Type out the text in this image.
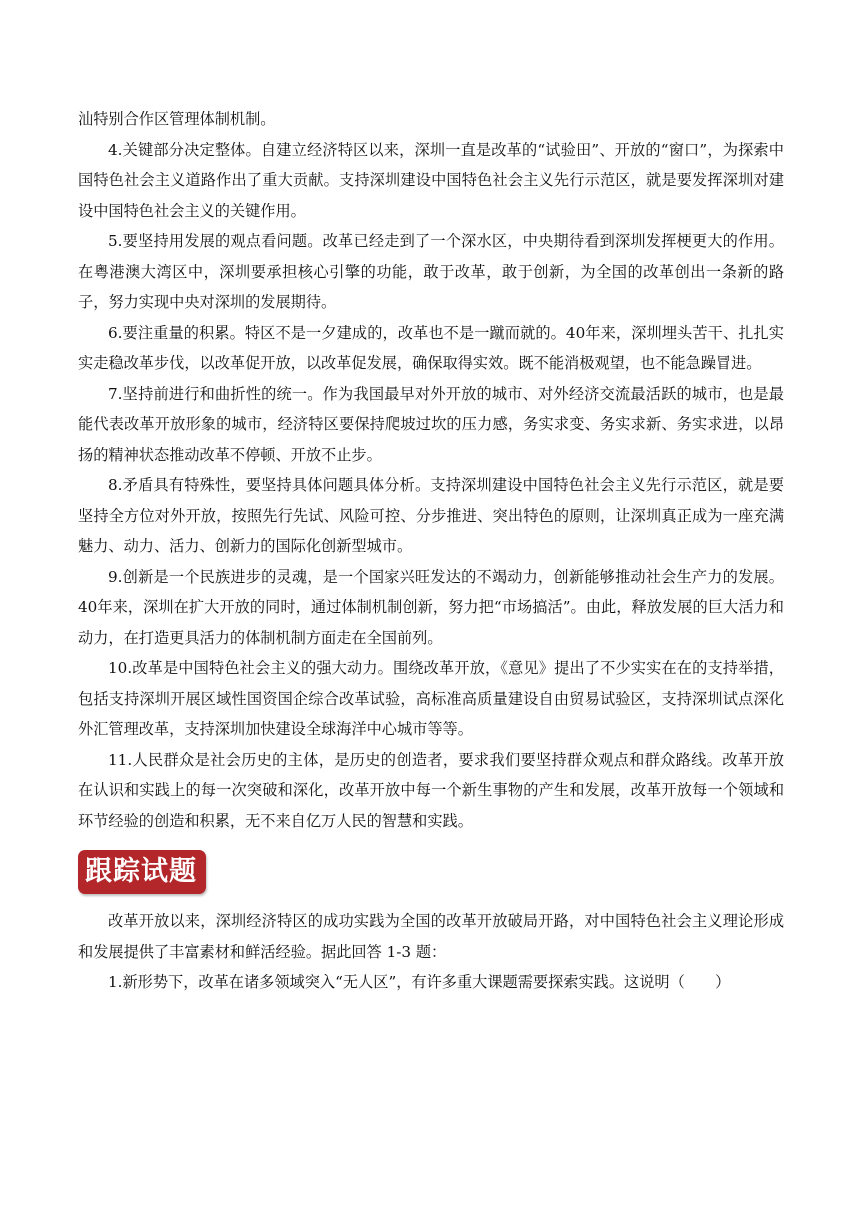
汕特别合作区管理体制机制。

4.关键部分决定整体。自建立经济特区以来，深圳一直是改革的“试验田”、开放的“窗口”，为探索中国特色社会主义道路作出了重大贡献。支持深圳建设中国特色社会主义先行示范区，就是要发挥深圳对建设中国特色社会主义的关键作用。

5.要坚持用发展的观点看问题。改革已经走到了一个深水区，中央期待看到深圳发挥梗更大的作用。在粤港澳大湾区中，深圳要承担核心引擎的功能，敢于改革，敢于创新，为全国的改革创出一条新的路子，努力实现中央对深圳的发展期待。

6.要注重量的积累。特区不是一夕建成的，改革也不是一蹴而就的。40年来，深圳埋头苦干、扎扎实实走稳改革步伐，以改革促开放，以改革促发展，确保取得实效。既不能消极观望，也不能急躁冒进。

7.坚持前进行和曲折性的统一。作为我国最早对外开放的城市、对外经济交流最活跃的城市，也是最能代表改革开放形象的城市，经济特区要保持爬坡过坎的压力感，务实求变、务实求新、务实求进，以昂扬的精神状态推动改革不停顿、开放不止步。

8.矛盾具有特殊性，要坚持具体问题具体分析。支持深圳建设中国特色社会主义先行示范区，就是要坚持全方位对外开放，按照先行先试、风险可控、分步推进、突出特色的原则，让深圳真正成为一座充满魅力、动力、活力、创新力的国际化创新型城市。

9.创新是一个民族进步的灵魂，是一个国家兴旺发达的不竭动力，创新能够推动社会生产力的发展。40年来，深圳在扩大开放的同时，通过体制机制创新，努力把“市场搞活”。由此，释放发展的巨大活力和动力，在打造更具活力的体制机制方面走在全国前列。

10.改革是中国特色社会主义的强大动力。围绕改革开放，《意见》提出了不少实实在在的支持举措，包括支持深圳开展区域性国资国企综合改革试验，高标准高质量建设自由贸易试验区，支持深圳试点深化外汇管理改革，支持深圳加快建设全球海洋中心城市等等。

11.人民群众是社会历史的主体，是历史的创造者，要求我们要坚持群众观点和群众路线。改革开放在认识和实践上的每一次突破和深化，改革开放中每一个新生事物的产生和发展，改革开放每一个领域和环节经验的创造和积累，无不来自亿万人民的智慧和实践。

跟踪试题

改革开放以来，深圳经济特区的成功实践为全国的改革开放破局开路，对中国特色社会主义理论形成和发展提供了丰富素材和鲜活经验。据此回答 1-3 题：

1.新形势下，改革在诸多领域突入“无人区”，有许多重大课题需要探索实践。这说明（　　）
